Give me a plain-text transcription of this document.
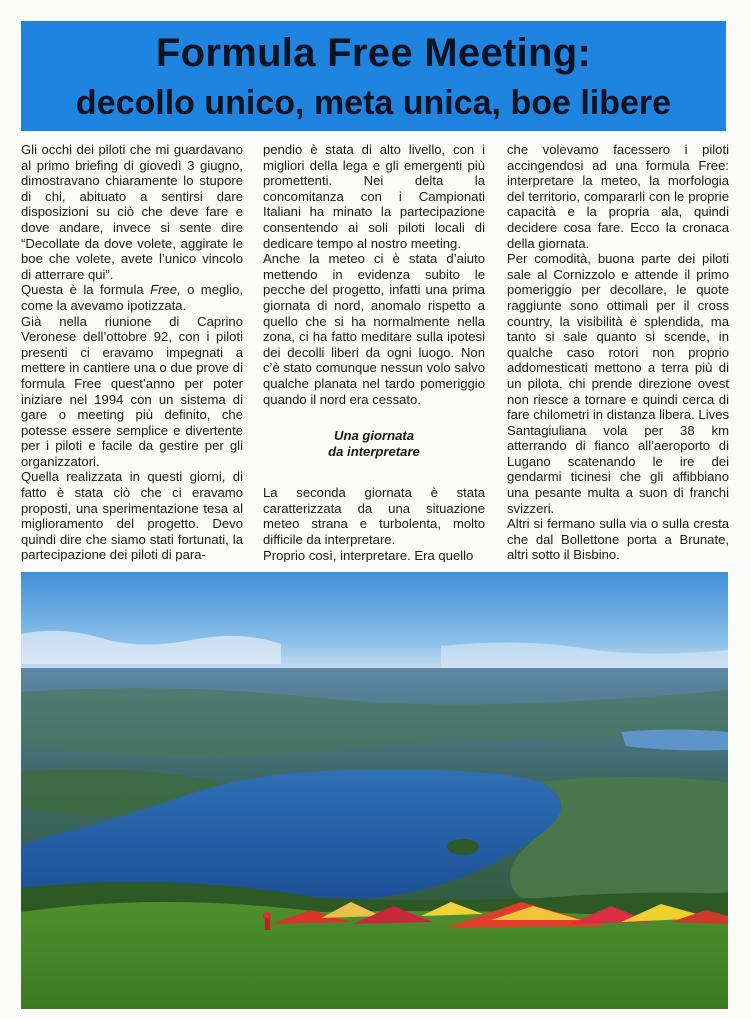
Formula Free Meeting:
decollo unico, meta unica, boe libere

Gli occhi dei piloti che mi guardavano al primo briefing di giovedì 3 giugno, dimostravano chiaramente lo stupore di chi, abituato a sentirsi dare disposizioni su ciò che deve fare e dove andare, invece si sente dire “Decollate da dove volete, aggirate le boe che volete, avete l’unico vincolo di atterrare qui”.

Questa è la formula Free, o meglio, come la avevamo ipotizzata.

Già nella riunione di Caprino Veronese dell’ottobre 92, con i piloti presenti ci eravamo impegnati a mettere in cantiere una o due prove di formula Free quest’anno per poter iniziare nel 1994 con un sistema di gare o meeting più definito, che potesse essere semplice e divertente per i piloti e facile da gestire per gli organizzatori.

Quella realizzata in questi giorni, di fatto è stata ciò che ci eravamo proposti, una sperimentazione tesa al miglioramento del progetto. Devo quindi dire che siamo stati fortunati, la partecipazione dei piloti di para-

pendio è stata di alto livello, con i migliori della lega e gli emergenti più promettenti. Nei delta la concomitanza con i Campionati Italiani ha minato la partecipazione consentendo ai soli piloti locali di dedicare tempo al nostro meeting.

Anche la meteo ci è stata d’aiuto mettendo in evidenza subito le pecche del progetto, infatti una prima giornata di nord, anomalo rispetto a quello che si ha normalmente nella zona, ci ha fatto meditare sulla ipotesi dei decolli liberi da ogni luogo. Non c’è stato comunque nessun volo salvo qualche planata nel tardo pomeriggio quando il nord era cessato.

Una giornata
da interpretare

La seconda giornata è stata caratterizzata da una situazione meteo strana e turbolenta, molto difficile da interpretare.

Proprio così, interpretare. Era quello

che volevamo facessero i piloti accingendosi ad una formula Free: interpretare la meteo, la morfologia del territorio, compararli con le proprie capacità e la propria ala, quindi decidere cosa fare. Ecco la cronaca della giornata.

Per comodità, buona parte dei piloti sale al Cornizzolo e attende il primo pomeriggio per decollare, le quote raggiunte sono ottimali per il cross country, la visibilità è splendida, ma tanto si sale quanto si scende, in qualche caso rotori non proprio addomesticati mettono a terra più di un pilota, chi prende direzione ovest non riesce a tornare e quindi cerca di fare chilometri in distanza libera. Lives Santagiuliana vola per 38 km atterrando di fianco all’aeroporto di Lugano scatenando le ire dei gendarmi ticinesi che gli affibbiano una pesante multa a suon di franchi svizzeri.

Altri si fermano sulla via o sulla cresta che dal Bollettone porta a Brunate, altri sotto il Bisbino.
